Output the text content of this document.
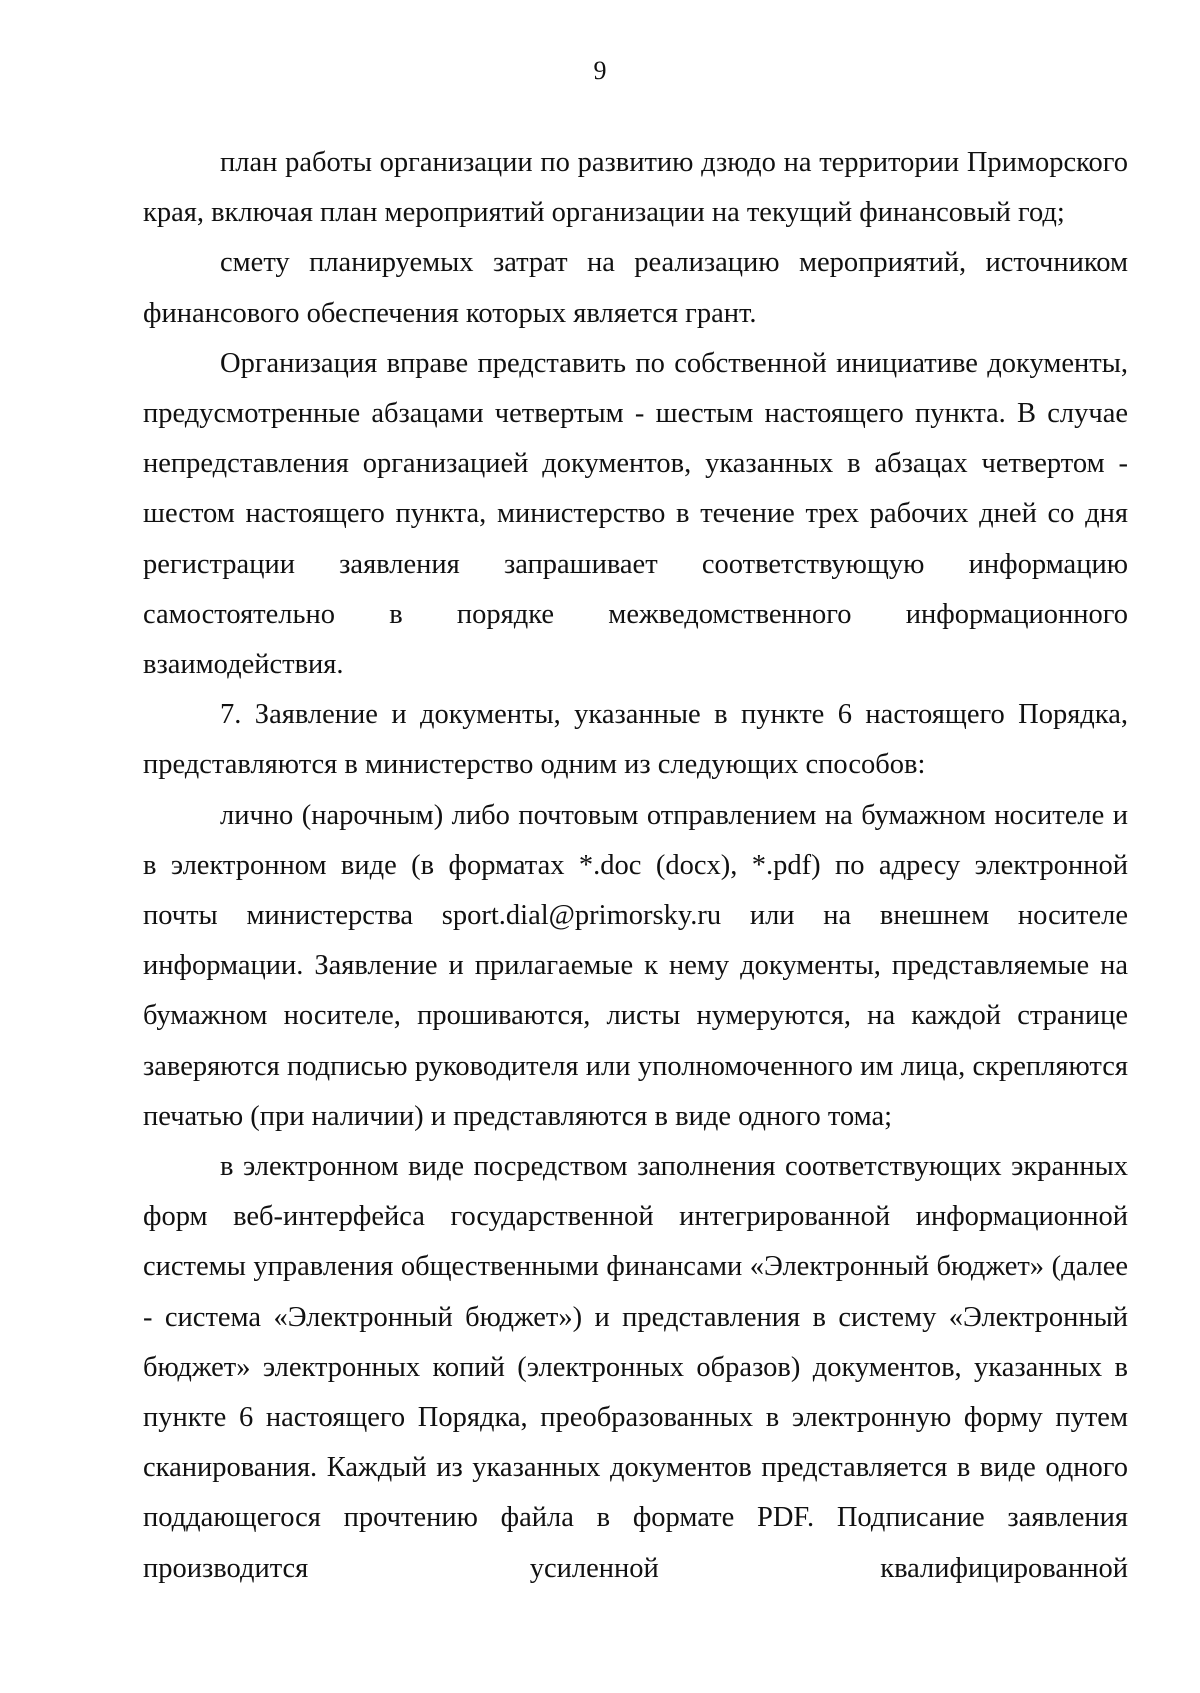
9

план работы организации по развитию дзюдо на территории Приморского края, включая план мероприятий организации на текущий финансовый год;

смету планируемых затрат на реализацию мероприятий, источником финансового обеспечения которых является грант.

Организация вправе представить по собственной инициативе документы, предусмотренные абзацами четвертым - шестым настоящего пункта. В случае непредставления организацией документов, указанных в абзацах четвертом - шестом настоящего пункта, министерство в течение трех рабочих дней со дня регистрации заявления запрашивает соответствующую информацию самостоятельно в порядке межведомственного информационного взаимодействия.

7. Заявление и документы, указанные в пункте 6 настоящего Порядка, представляются в министерство одним из следующих способов:

лично (нарочным) либо почтовым отправлением на бумажном носителе и в электронном виде (в форматах *.doc (docx), *.pdf) по адресу электронной почты министерства sport.dial@primorsky.ru или на внешнем носителе информации. Заявление и прилагаемые к нему документы, представляемые на бумажном носителе, прошиваются, листы нумеруются, на каждой странице заверяются подписью руководителя или уполномоченного им лица, скрепляются печатью (при наличии) и представляются в виде одного тома;

в электронном виде посредством заполнения соответствующих экранных форм веб-интерфейса государственной интегрированной информационной системы управления общественными финансами «Электронный бюджет» (далее - система «Электронный бюджет») и представления в систему «Электронный бюджет» электронных копий (электронных образов) документов, указанных в пункте 6 настоящего Порядка, преобразованных в электронную форму путем сканирования. Каждый из указанных документов представляется в виде одного поддающегося прочтению файла в формате PDF. Подписание заявления производится усиленной квалифицированной
